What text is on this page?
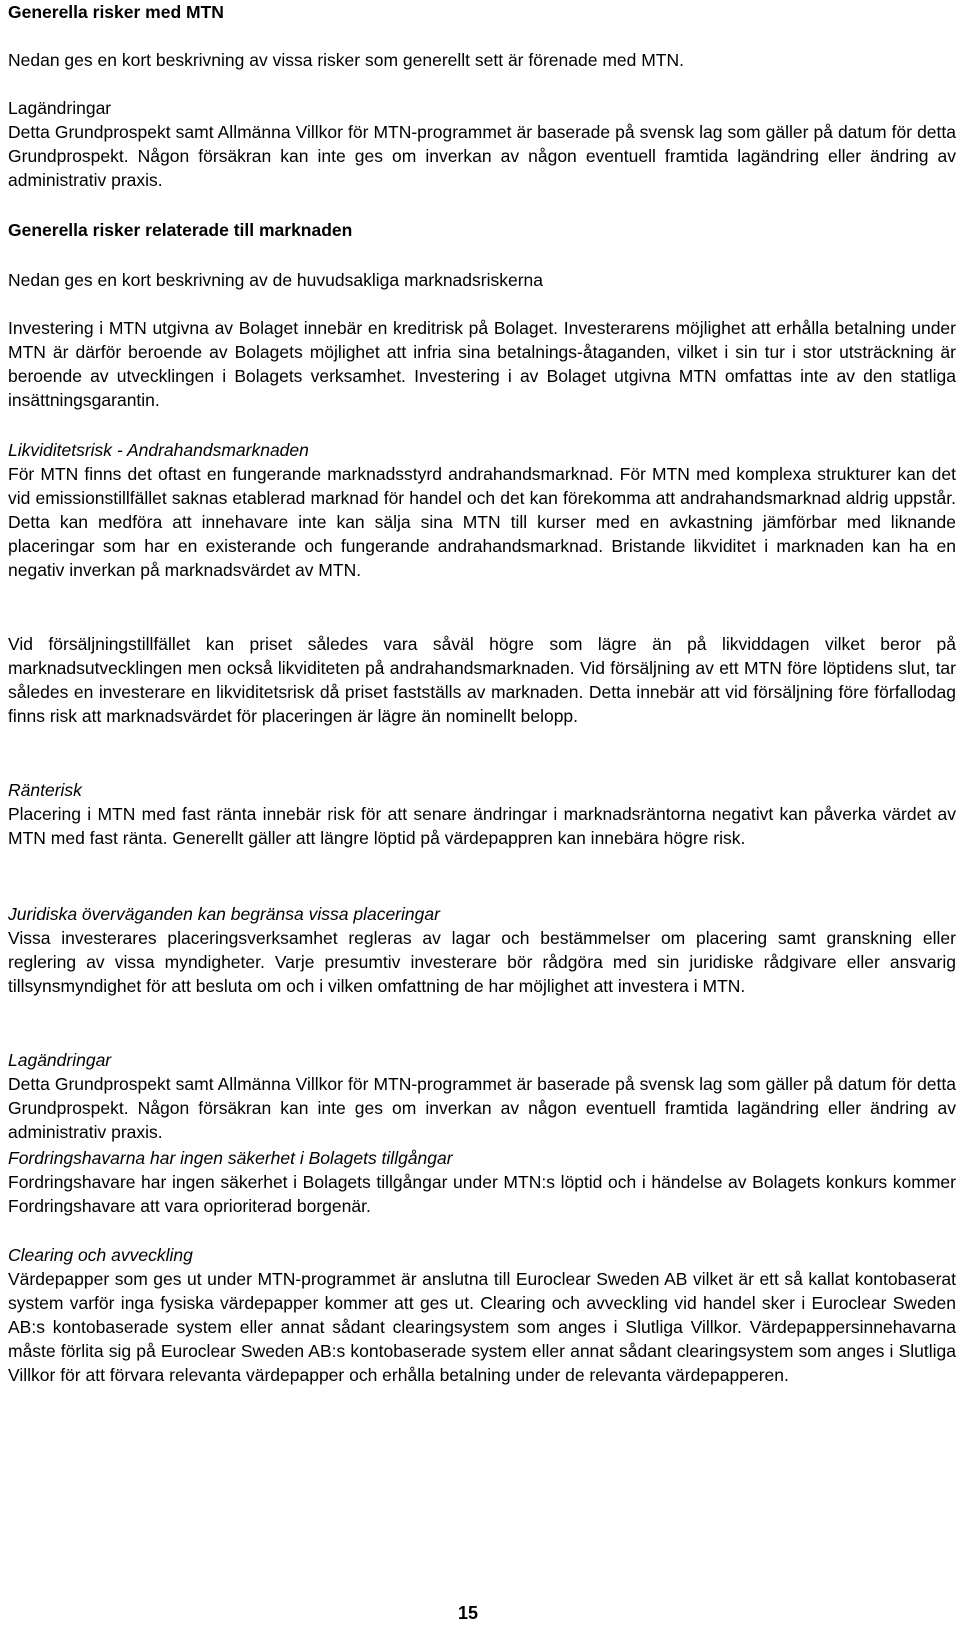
Generella risker med MTN
Nedan ges en kort beskrivning av vissa risker som generellt sett är förenade med MTN.
Lagändringar
Detta Grundprospekt samt Allmänna Villkor för MTN-programmet är baserade på svensk lag som gäller på datum för detta Grundprospekt. Någon försäkran kan inte ges om inverkan av någon eventuell framtida lagändring eller ändring av administrativ praxis.
Generella risker relaterade till marknaden
Nedan ges en kort beskrivning av de huvudsakliga marknadsriskerna
Investering i MTN utgivna av Bolaget innebär en kreditrisk på Bolaget. Investerarens möjlighet att erhålla betalning under MTN är därför beroende av Bolagets möjlighet att infria sina betalnings-åtaganden, vilket i sin tur i stor utsträckning är beroende av utvecklingen i Bolagets verksamhet. Investering i av Bolaget utgivna MTN omfattas inte av den statliga insättningsgarantin.
Likviditetsrisk - Andrahandsmarknaden
För MTN finns det oftast en fungerande marknadsstyrd andrahandsmarknad. För MTN med komplexa strukturer kan det vid emissionstillfället saknas etablerad marknad för handel och det kan förekomma att andrahandsmarknad aldrig uppstår. Detta kan medföra att innehavare inte kan sälja sina MTN till kurser med en avkastning jämförbar med liknande placeringar som har en existerande och fungerande andrahandsmarknad. Bristande likviditet i marknaden kan ha en negativ inverkan på marknadsvärdet av MTN.
Vid försäljningstillfället kan priset således vara såväl högre som lägre än på likviddagen vilket beror på marknadsutvecklingen men också likviditeten på andrahandsmarknaden. Vid försäljning av ett MTN före löptidens slut, tar således en investerare en likviditetsrisk då priset fastställs av marknaden. Detta innebär att vid försäljning före förfallodag finns risk att marknadsvärdet för placeringen är lägre än nominellt belopp.
Ränterisk
Placering i MTN med fast ränta innebär risk för att senare ändringar i marknadsräntorna negativt kan påverka värdet av MTN med fast ränta. Generellt gäller att längre löptid på värdepappren kan innebära högre risk.
Juridiska överväganden kan begränsa vissa placeringar
Vissa investerares placeringsverksamhet regleras av lagar och bestämmelser om placering samt granskning eller reglering av vissa myndigheter. Varje presumtiv investerare bör rådgöra med sin juridiske rådgivare eller ansvarig tillsynsmyndighet för att besluta om och i vilken omfattning de har möjlighet att investera i MTN.
Lagändringar
Detta Grundprospekt samt Allmänna Villkor för MTN-programmet är baserade på svensk lag som gäller på datum för detta Grundprospekt. Någon försäkran kan inte ges om inverkan av någon eventuell framtida lagändring eller ändring av administrativ praxis.
Fordringshavarna har ingen säkerhet i Bolagets tillgångar
Fordringshavare har ingen säkerhet i Bolagets tillgångar under MTN:s löptid och i händelse av Bolagets konkurs kommer Fordringshavare att vara oprioriterad borgenär.
Clearing och avveckling
Värdepapper som ges ut under MTN-programmet är anslutna till Euroclear Sweden AB vilket är ett så kallat kontobaserat system varför inga fysiska värdepapper kommer att ges ut. Clearing och avveckling vid handel sker i Euroclear Sweden AB:s kontobaserade system eller annat sådant clearingsystem som anges i Slutliga Villkor. Värdepappersinnehavarna måste förlita sig på Euroclear Sweden AB:s kontobaserade system eller annat sådant clearingsystem som anges i Slutliga Villkor för att förvara relevanta värdepapper och erhålla betalning under de relevanta värdepapperen.
15
